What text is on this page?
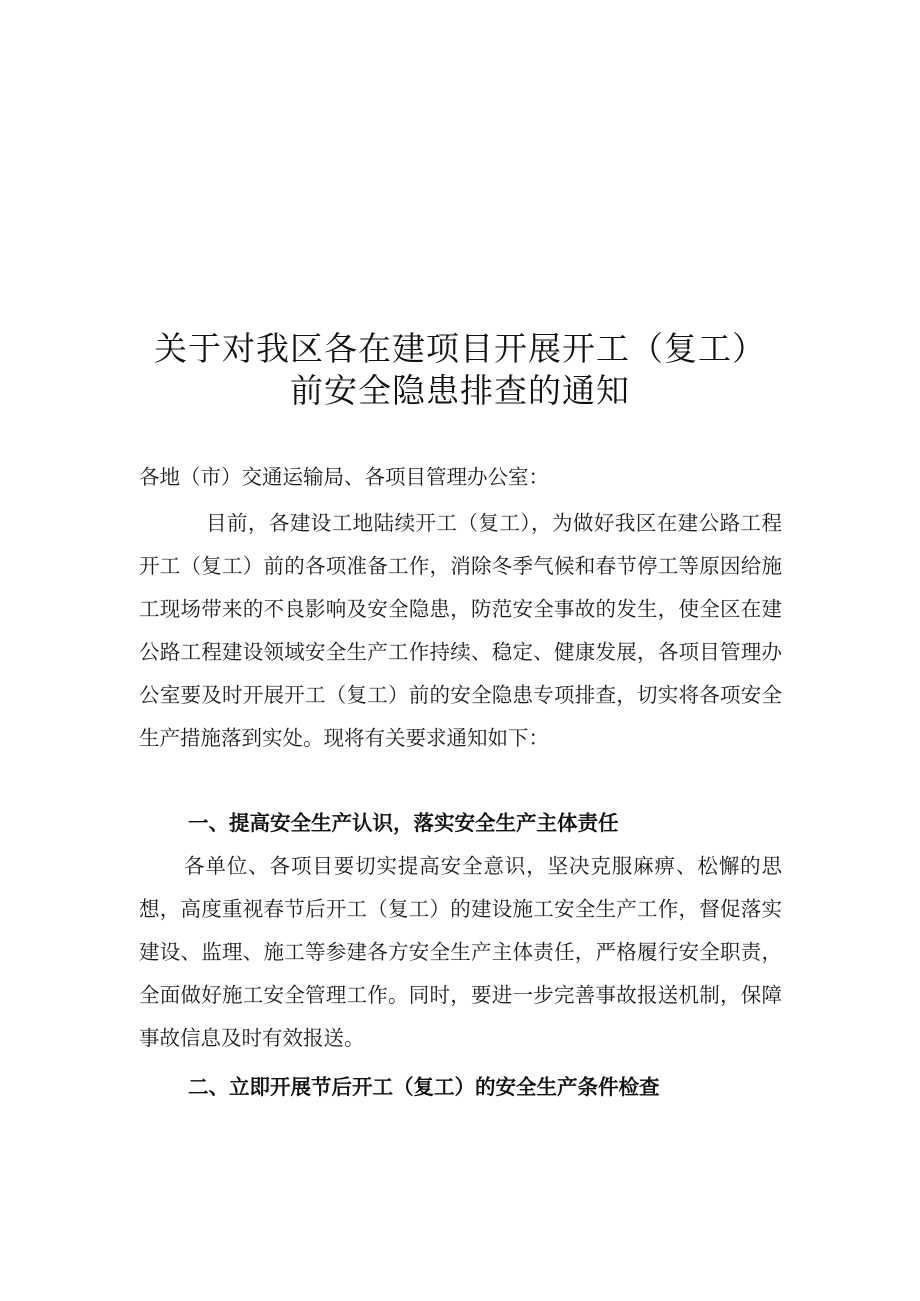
关于对我区各在建项目开展开工（复工）
前安全隐患排查的通知

各地（市）交通运输局、各项目管理办公室：

目前，各建设工地陆续开工（复工），为做好我区在建公路工程开工（复工）前的各项准备工作，消除冬季气候和春节停工等原因给施工现场带来的不良影响及安全隐患，防范安全事故的发生，使全区在建公路工程建设领域安全生产工作持续、稳定、健康发展，各项目管理办公室要及时开展开工（复工）前的安全隐患专项排查，切实将各项安全生产措施落到实处。现将有关要求通知如下：

一、提高安全生产认识，落实安全生产主体责任

各单位、各项目要切实提高安全意识，坚决克服麻痹、松懈的思想，高度重视春节后开工（复工）的建设施工安全生产工作，督促落实建设、监理、施工等参建各方安全生产主体责任，严格履行安全职责，全面做好施工安全管理工作。同时，要进一步完善事故报送机制，保障事故信息及时有效报送。

二、立即开展节后开工（复工）的安全生产条件检查
